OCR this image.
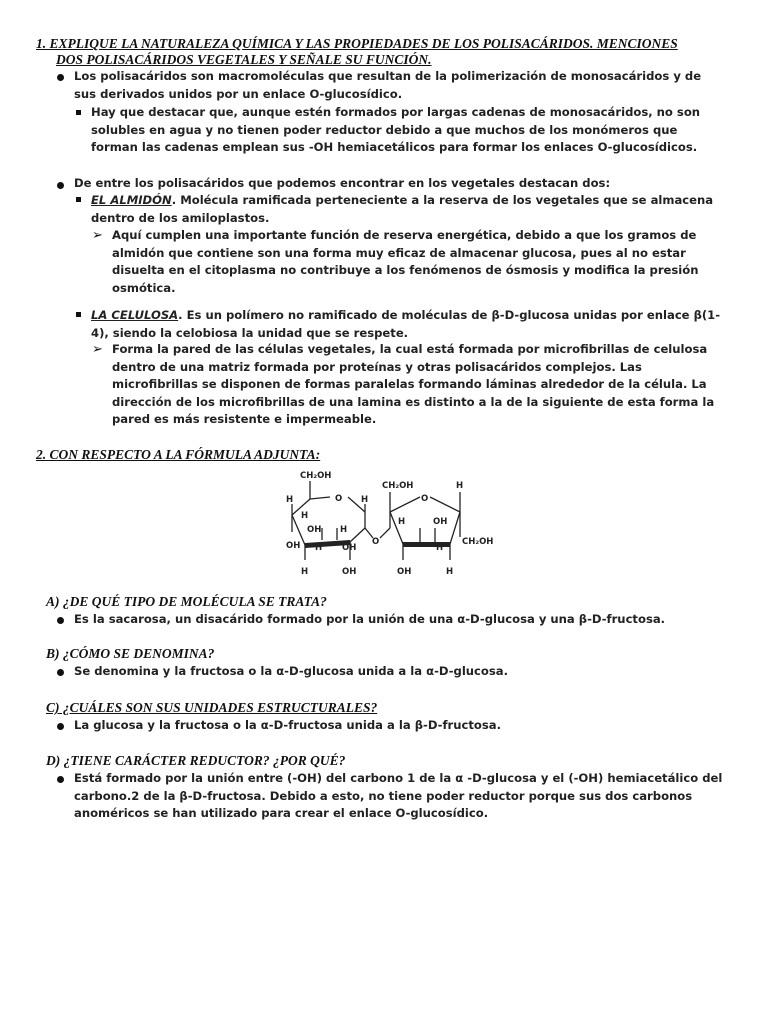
1. EXPLIQUE LA NATURALEZA QUÍMICA Y LAS PROPIEDADES DE LOS POLISACÁRIDOS. MENCIONES
DOS POLISACÁRIDOS VEGETALES Y SEÑALE SU FUNCIÓN.
Los polisacáridos son macromoléculas que resultan de la polimerización de monosacáridos y de sus derivados unidos por un enlace O-glucosídico.
Hay que destacar que, aunque estén formados por largas cadenas de monosacáridos, no son solubles en agua y no tienen poder reductor debido a que muchos de los monómeros que forman las cadenas emplean sus -OH hemiacetálicos para formar los enlaces O-glucosídicos.
De entre los polisacáridos que podemos encontrar en los vegetales destacan dos:
EL ALMIDÓN. Molécula ramificada perteneciente a la reserva de los vegetales que se almacena dentro de los amiloplastos.
➢ Aquí cumplen una importante función de reserva energética, debido a que los gramos de almidón que contiene son una forma muy eficaz de almacenar glucosa, pues al no estar disuelta en el citoplasma no contribuye a los fenómenos de ósmosis y modifica la presión osmótica.
LA CELULOSA. Es un polímero no ramificado de moléculas de β-D-glucosa unidas por enlace β(1-4), siendo la celobiosa la unidad que se respete.
➢ Forma la pared de las células vegetales, la cual está formada por microfibrillas de celulosa dentro de una matriz formada por proteínas y otras polisacáridos complejos. Las microfibrillas se disponen de formas paralelas formando láminas alrededor de la célula. La dirección de los microfibrillas de una lamina es distinto a la de la siguiente de esta forma la pared es más resistente e impermeable.
2. CON RESPECTO A LA FÓRMULA ADJUNTA:
CH₂OH
O
H	H
H
OH H
OH H OH
H	OH
O
CH₂OH
O
H
H	OH
CH₂OH
H
OH	H
A) ¿DE QUÉ TIPO DE MOLÉCULA SE TRATA?
Es la sacarosa, un disacárido formado por la unión de una α-D-glucosa y una β-D-fructosa.
B) ¿CÓMO SE DENOMINA?
Se denomina y la fructosa o la α-D-glucosa unida a la α-D-glucosa.
C) ¿CUÁLES SON SUS UNIDADES ESTRUCTURALES?
La glucosa y la fructosa o la α-D-fructosa unida a la β-D-fructosa.
D) ¿TIENE CARÁCTER REDUCTOR? ¿POR QUÉ?
Está formado por la unión entre (-OH) del carbono 1 de la α -D-glucosa y el (-OH) hemiacetálico del carbono.2 de la β-D-fructosa. Debido a esto, no tiene poder reductor porque sus dos carbonos anoméricos se han utilizado para crear el enlace O-glucosídico.
